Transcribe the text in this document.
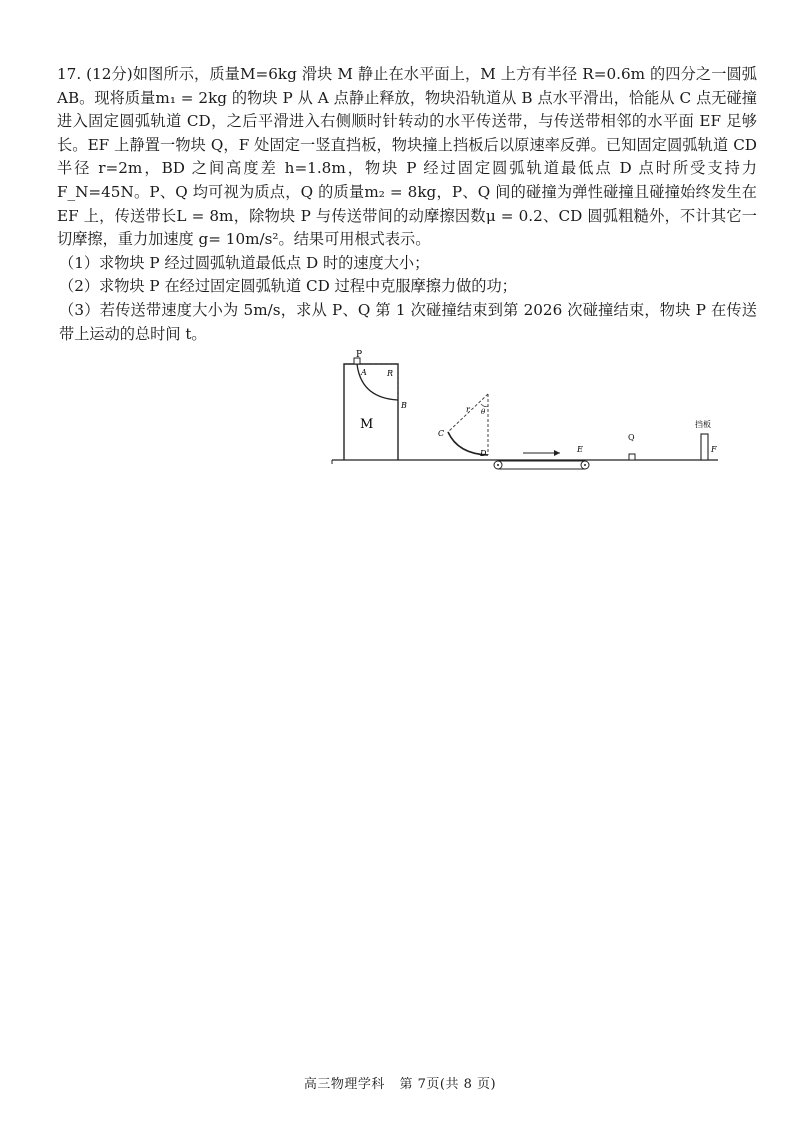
17. (12分)如图所示，质量M=6kg 滑块 M 静止在水平面上，M 上方有半径 R=0.6m 的四分之一圆弧AB。现将质量m₁ = 2kg 的物块 P 从 A 点静止释放，物块沿轨道从 B 点水平滑出，恰能从 C 点无碰撞进入固定圆弧轨道 CD，之后平滑进入右侧顺时针转动的水平传送带，与传送带相邻的水平面 EF 足够长。EF 上静置一物块 Q，F 处固定一竖直挡板，物块撞上挡板后以原速率反弹。已知固定圆弧轨道 CD 半径 r=2m，BD 之间高度差 h=1.8m，物块 P 经过固定圆弧轨道最低点 D 点时所受支持力 F_N=45N。P、Q 均可视为质点，Q 的质量m₂ = 8kg，P、Q 间的碰撞为弹性碰撞且碰撞始终发生在 EF 上，传送带长L = 8m，除物块 P 与传送带间的动摩擦因数μ = 0.2、CD 圆弧粗糙外，不计其它一切摩擦，重力加速度 g= 10m/s²。结果可用根式表示。

（1）求物块 P 经过圆弧轨道最低点 D 时的速度大小；

（2）求物块 P 在经过固定圆弧轨道 CD 过程中克服摩擦力做的功；

（3）若传送带速度大小为 5m/s，求从 P、Q 第 1 次碰撞结束到第 2026 次碰撞结束，物块 P 在传送带上运动的总时间 t。

P
A	R
B
M
r θ
C
D	E
Q
挡板
F
高三物理学科 第 7页(共 8 页)
